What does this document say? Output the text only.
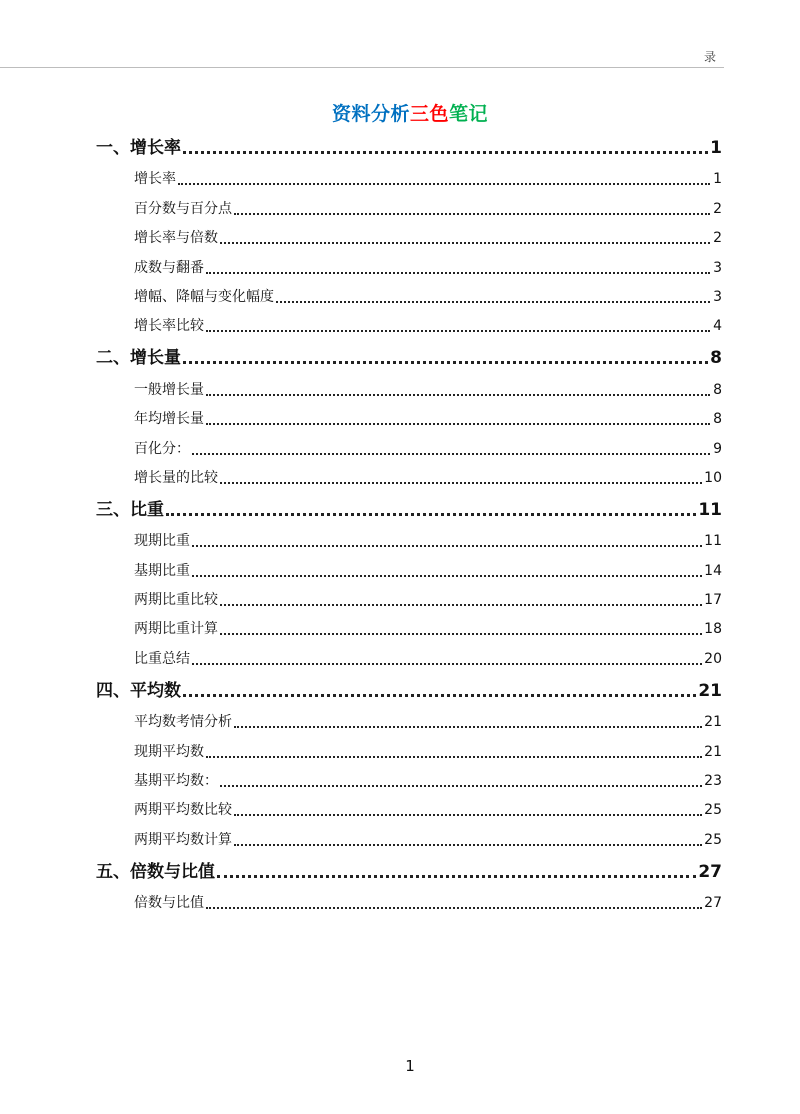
录
资料分析三色笔记
一、增长率	1
增长率	1
百分数与百分点	2
增长率与倍数	2
成数与翻番	3
增幅、降幅与变化幅度	3
增长率比较	4
二、增长量	8
一般增长量	8
年均增长量	8
百化分：	9
增长量的比较	10
三、比重	11
现期比重	11
基期比重	14
两期比重比较	17
两期比重计算	18
比重总结	20
四、平均数	21
平均数考情分析	21
现期平均数	21
基期平均数：	23
两期平均数比较	25
两期平均数计算	25
五、倍数与比值	27
倍数与比值	27
1
